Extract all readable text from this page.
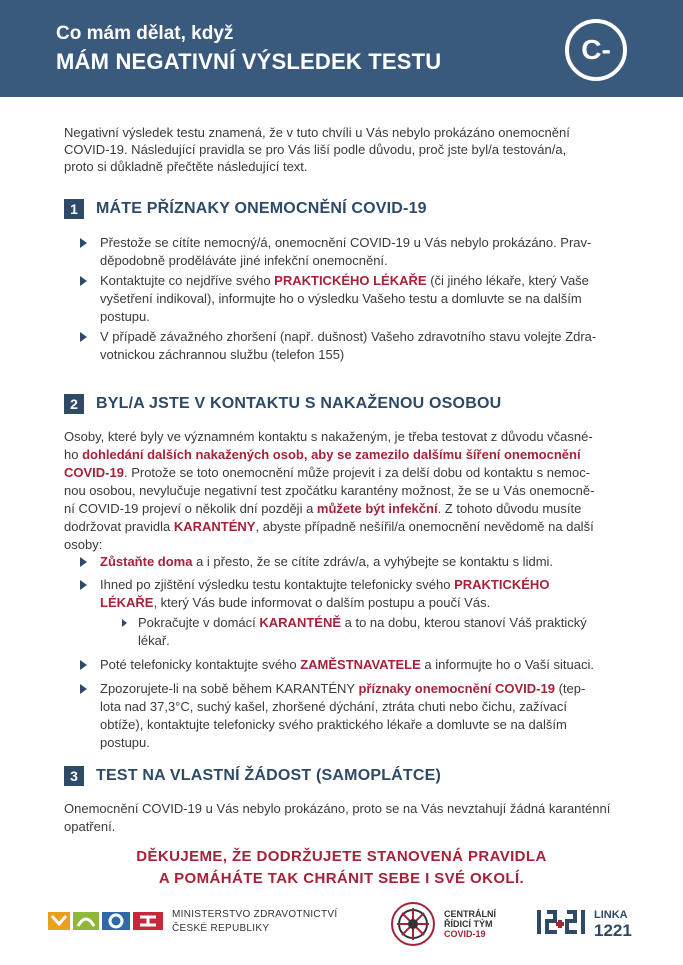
Co mám dělat, když
MÁM NEGATIVNÍ VÝSLEDEK TESTU	C-
Negativní výsledek testu znamená, že v tuto chvíli u Vás nebylo prokázáno onemocnění
COVID-19. Následující pravidla se pro Vás liší podle důvodu, proč jste byl/a testován/a,
proto si důkladně přečtěte následující text.
1	MÁTE PŘÍZNAKY ONEMOCNĚNÍ COVID-19
Přestože se cítíte nemocný/á, onemocnění COVID-19 u Vás nebylo prokázáno. Prav-
děpodobně proděláváte jiné infekční onemocnění.
Kontaktujte co nejdříve svého PRAKTICKÉHO LÉKAŘE (či jiného lékaře, který Vaše
vyšetření indikoval), informujte ho o výsledku Vašeho testu a domluvte se na dalším
postupu.
V případě závažného zhoršení (např. dušnost) Vašeho zdravotního stavu volejte Zdra-
votnickou záchrannou službu (telefon 155)
2	BYL/A JSTE V KONTAKTU S NAKAŽENOU OSOBOU
Osoby, které byly ve významném kontaktu s nakaženým, je třeba testovat z důvodu včasné-
ho dohledání dalších nakažených osob, aby se zamezilo dalšímu šíření onemocnění
COVID-19. Protože se toto onemocnění může projevit i za delší dobu od kontaktu s nemoc-
nou osobou, nevylučuje negativní test zpočátku karantény možnost, že se u Vás onemocně-
ní COVID-19 projeví o několik dní později a můžete být infekční. Z tohoto důvodu musíte
dodržovat pravidla KARANTÉNY, abyste případně nešířil/a onemocnění nevědomě na další
osoby:
Zůstaňte doma a i přesto, že se cítíte zdráv/a, a vyhýbejte se kontaktu s lidmi.
Ihned po zjištění výsledku testu kontaktujte telefonicky svého PRAKTICKÉHO
LÉKAŘE, který Vás bude informovat o dalším postupu a poučí Vás.
Pokračujte v domácí KARANTÉNĚ a to na dobu, kterou stanoví Váš praktický
lékař.
Poté telefonicky kontaktujte svého ZAMĚSTNAVATELE a informujte ho o Vaší situaci.
Zpozorujete-li na sobě během KARANTÉNY příznaky onemocnění COVID-19 (tep-
lota nad 37,3°C, suchý kašel, zhoršené dýchání, ztráta chuti nebo čichu, zažívací
obtíže), kontaktujte telefonicky svého praktického lékaře a domluvte se na dalším
postupu.
3	TEST NA VLASTNÍ ŽÁDOST (SAMOPLÁTCE)
Onemocnění COVID-19 u Vás nebylo prokázáno, proto se na Vás nevztahují žádná karanténní
opatření.
DĚKUJEME, ŽE DODRŽUJETE STANOVENÁ PRAVIDLA
A POMÁHÁTE TAK CHRÁNIT SEBE I SVÉ OKOLÍ.
MINISTERSTVO ZDRAVOTNICTVÍ
ČESKÉ REPUBLIKY
CENTRÁLNÍ
ŘÍDICÍ TÝM
COVID-19
LINKA
1221
